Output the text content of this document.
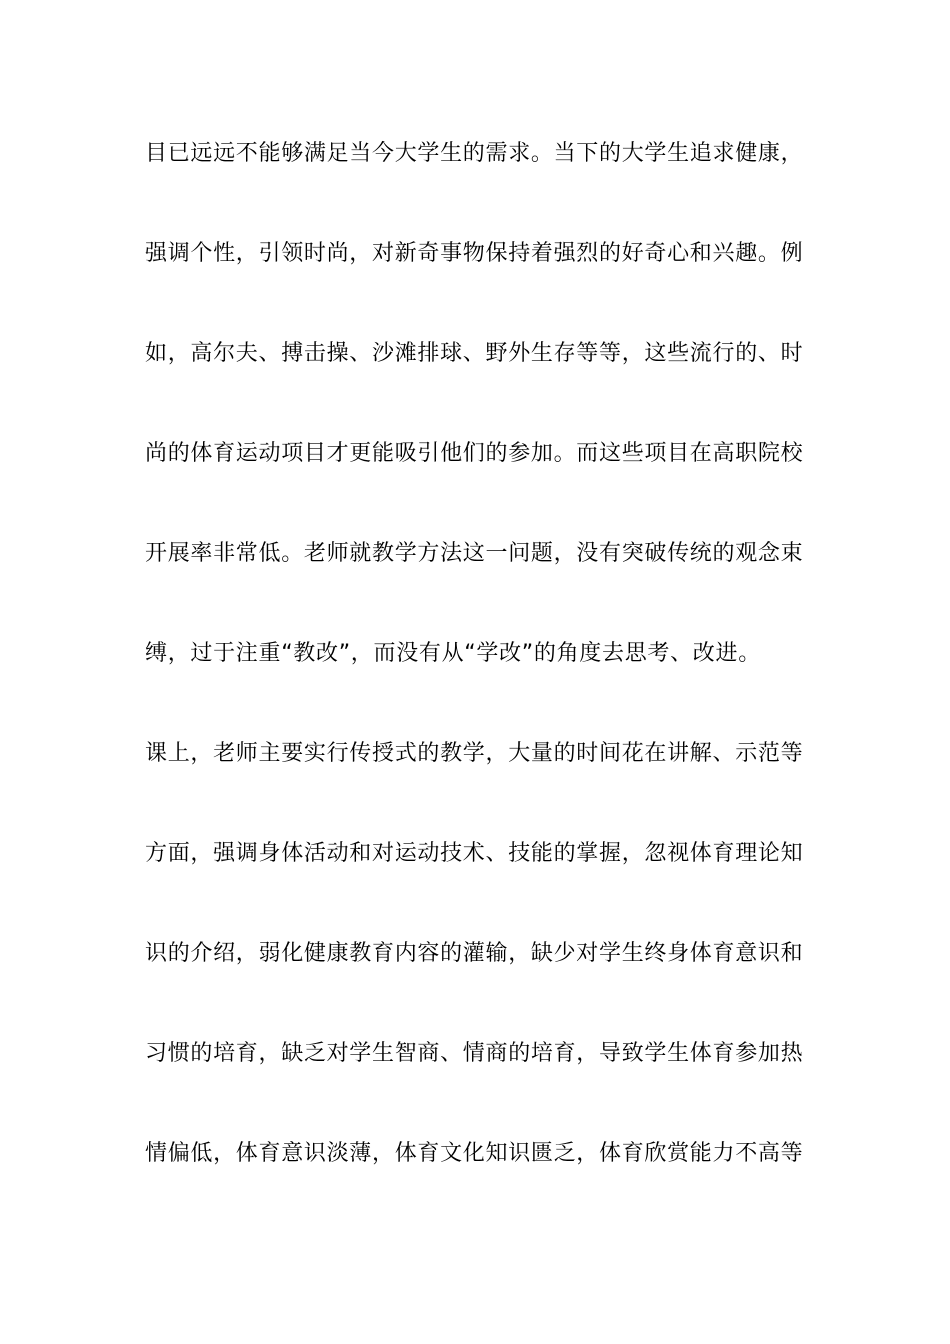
目已远远不能够满足当今大学生的需求。当下的大学生追求健康，
强调个性，引领时尚，对新奇事物保持着强烈的好奇心和兴趣。例
如，高尔夫、搏击操、沙滩排球、野外生存等等，这些流行的、时
尚的体育运动项目才更能吸引他们的参加。而这些项目在高职院校
开展率非常低。老师就教学方法这一问题，没有突破传统的观念束
缚，过于注重“教改”，而没有从“学改”的角度去思考、改进。
课上，老师主要实行传授式的教学，大量的时间花在讲解、示范等
方面，强调身体活动和对运动技术、技能的掌握，忽视体育理论知
识的介绍，弱化健康教育内容的灌输，缺少对学生终身体育意识和
习惯的培育，缺乏对学生智商、情商的培育，导致学生体育参加热
情偏低，体育意识淡薄，体育文化知识匮乏，体育欣赏能力不高等
